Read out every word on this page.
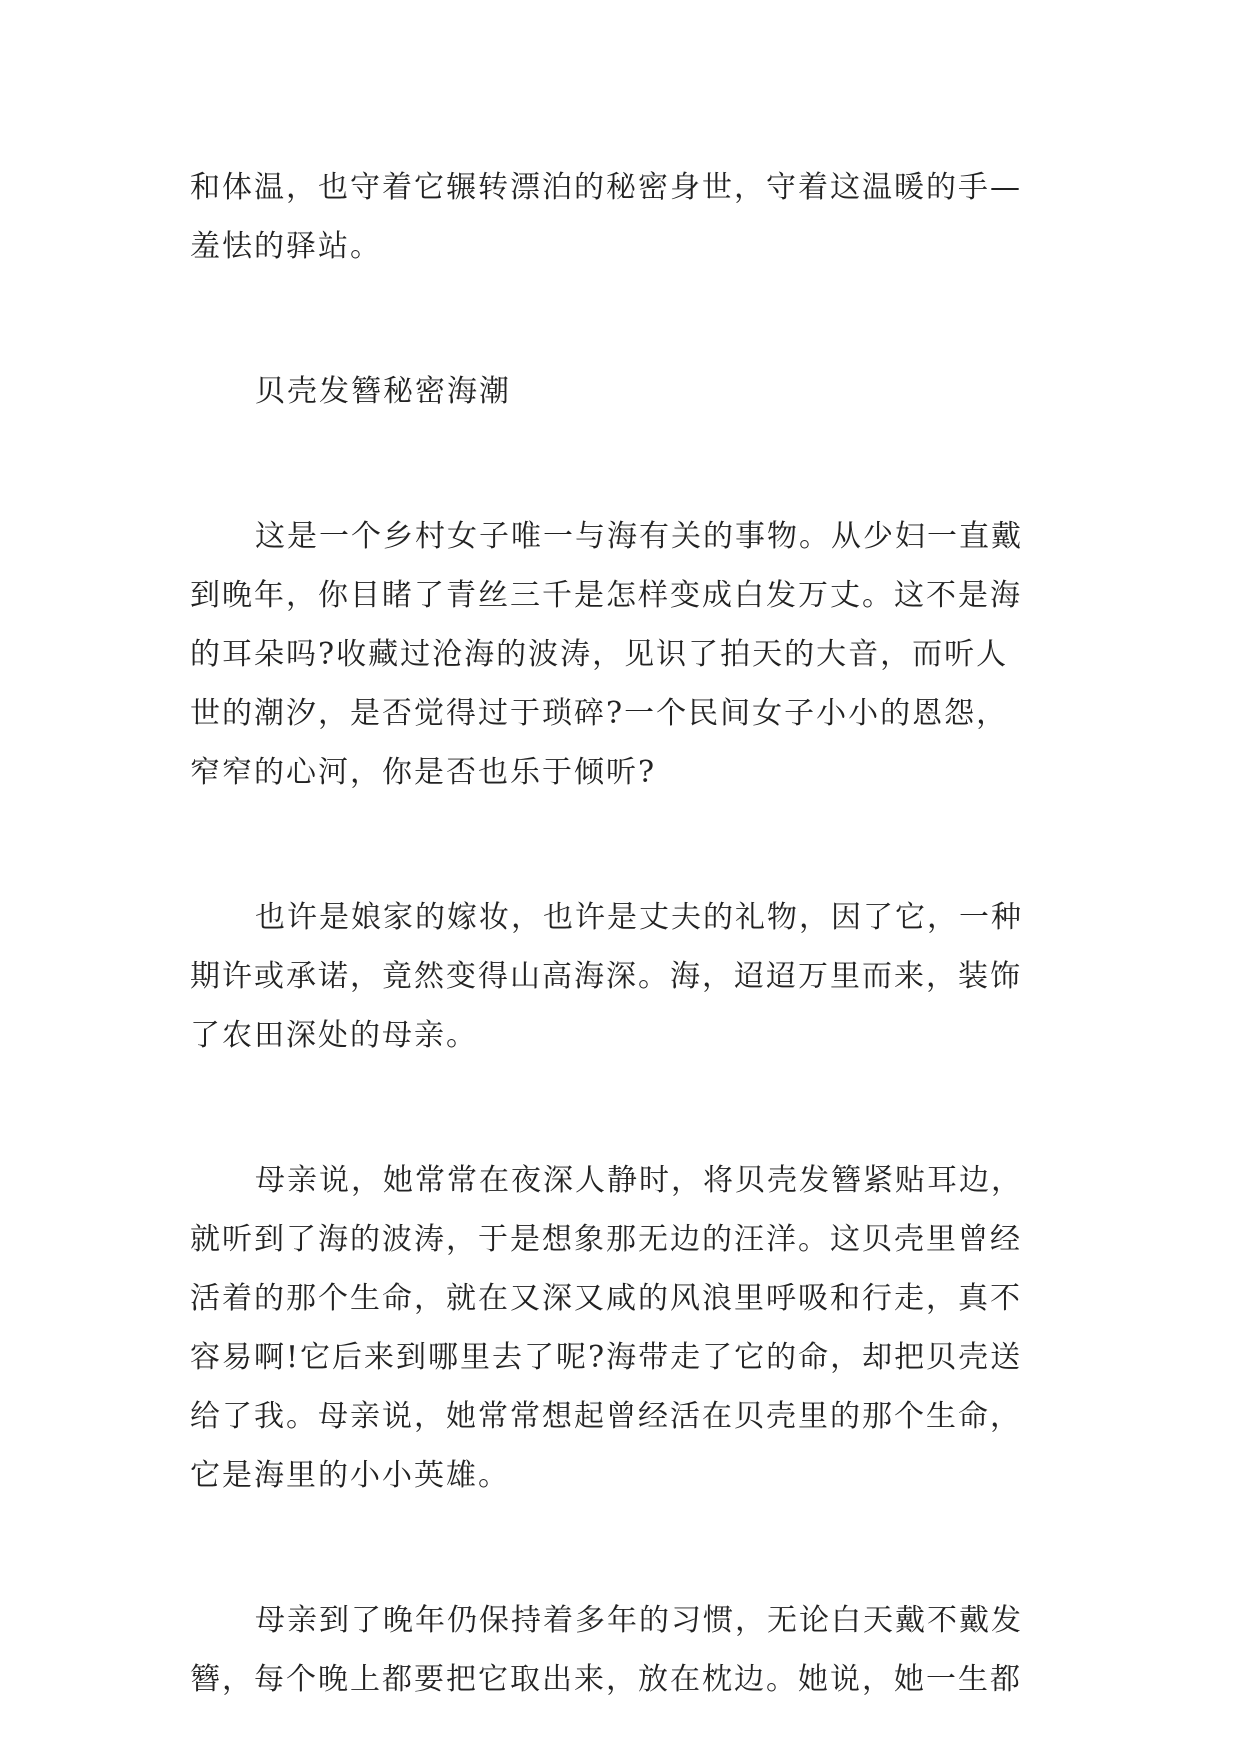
和体温，也守着它辗转漂泊的秘密身世，守着这温暖的手—
羞怯的驿站。
贝壳发簪秘密海潮
这是一个乡村女子唯一与海有关的事物。从少妇一直戴
到晚年，你目睹了青丝三千是怎样变成白发万丈。这不是海
的耳朵吗?收藏过沧海的波涛，见识了拍天的大音，而听人
世的潮汐，是否觉得过于琐碎?一个民间女子小小的恩怨，
窄窄的心河，你是否也乐于倾听?
也许是娘家的嫁妆，也许是丈夫的礼物，因了它，一种
期许或承诺，竟然变得山高海深。海，迢迢万里而来，装饰
了农田深处的母亲。
母亲说，她常常在夜深人静时，将贝壳发簪紧贴耳边，
就听到了海的波涛，于是想象那无边的汪洋。这贝壳里曾经
活着的那个生命，就在又深又咸的风浪里呼吸和行走，真不
容易啊!它后来到哪里去了呢?海带走了它的命，却把贝壳送
给了我。母亲说，她常常想起曾经活在贝壳里的那个生命，
它是海里的小小英雄。
母亲到了晚年仍保持着多年的习惯，无论白天戴不戴发
簪，每个晚上都要把它取出来，放在枕边。她说，她一生都
